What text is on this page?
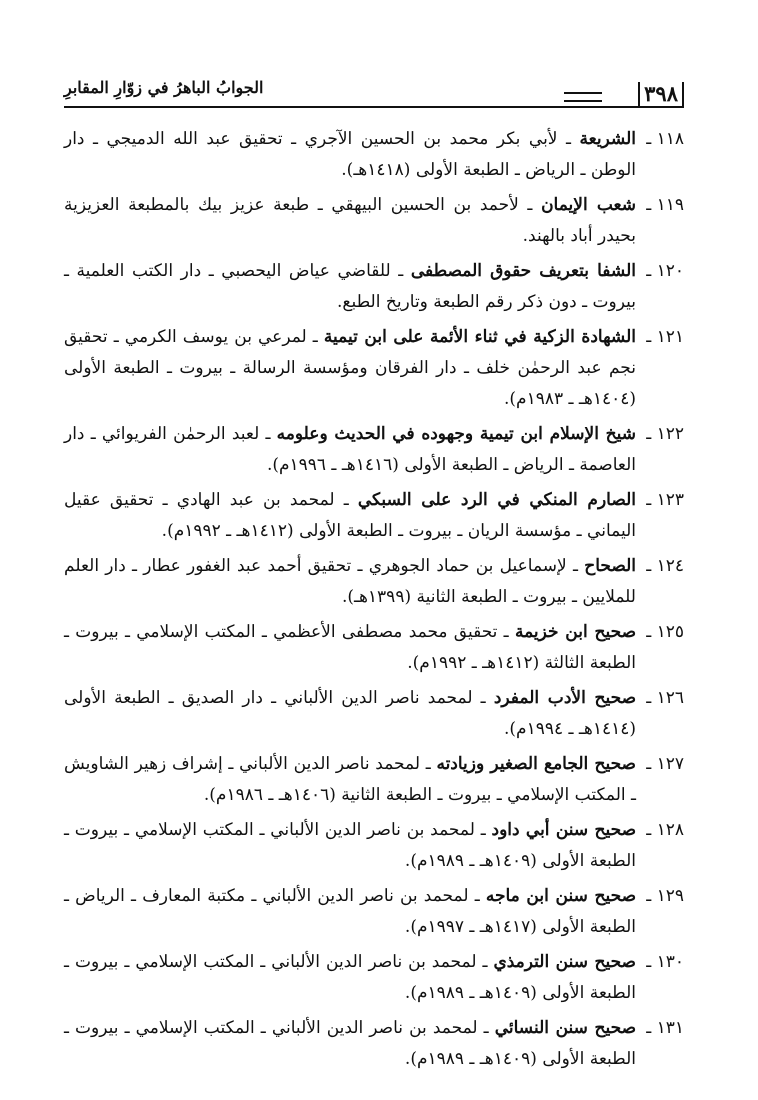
٣٩٨
الجوابُ الباهرُ في زوّارِ المقابرِ
١١٨ ـ
الشريعة ـ لأبي بكر محمد بن الحسين الآجري ـ تحقيق عبد الله الدميجي ـ دار الوطن ـ الرياض ـ الطبعة الأولى (١٤١٨هـ).
١١٩ ـ
شعب الإيمان ـ لأحمد بن الحسين البيهقي ـ طبعة عزيز بيك بالمطبعة العزيزية بحيدر أباد بالهند.
١٢٠ ـ
الشفا بتعريف حقوق المصطفى ـ للقاضي عياض اليحصبي ـ دار الكتب العلمية ـ بيروت ـ دون ذكر رقم الطبعة وتاريخ الطبع.
١٢١ ـ
الشهادة الزكية في ثناء الأئمة على ابن تيمية ـ لمرعي بن يوسف الكرمي ـ تحقيق نجم عبد الرحمٰن خلف ـ دار الفرقان ومؤسسة الرسالة ـ بيروت ـ الطبعة الأولى (١٤٠٤هـ ـ ١٩٨٣م).
١٢٢ ـ
شيخ الإسلام ابن تيمية وجهوده في الحديث وعلومه ـ لعبد الرحمٰن الفريوائي ـ دار العاصمة ـ الرياض ـ الطبعة الأولى (١٤١٦هـ ـ ١٩٩٦م).
١٢٣ ـ
الصارم المنكي في الرد على السبكي ـ لمحمد بن عبد الهادي ـ تحقيق عقيل اليماني ـ مؤسسة الريان ـ بيروت ـ الطبعة الأولى (١٤١٢هـ ـ ١٩٩٢م).
١٢٤ ـ
الصحاح ـ لإسماعيل بن حماد الجوهري ـ تحقيق أحمد عبد الغفور عطار ـ دار العلم للملايين ـ بيروت ـ الطبعة الثانية (١٣٩٩هـ).
١٢٥ ـ
صحيح ابن خزيمة ـ تحقيق محمد مصطفى الأعظمي ـ المكتب الإسلامي ـ بيروت ـ الطبعة الثالثة (١٤١٢هـ ـ ١٩٩٢م).
١٢٦ ـ
صحيح الأدب المفرد ـ لمحمد ناصر الدين الألباني ـ دار الصديق ـ الطبعة الأولى (١٤١٤هـ ـ ١٩٩٤م).
١٢٧ ـ
صحيح الجامع الصغير وزيادته ـ لمحمد ناصر الدين الألباني ـ إشراف زهير الشاويش ـ المكتب الإسلامي ـ بيروت ـ الطبعة الثانية (١٤٠٦هـ ـ ١٩٨٦م).
١٢٨ ـ
صحيح سنن أبي داود ـ لمحمد بن ناصر الدين الألباني ـ المكتب الإسلامي ـ بيروت ـ الطبعة الأولى (١٤٠٩هـ ـ ١٩٨٩م).
١٢٩ ـ
صحيح سنن ابن ماجه ـ لمحمد بن ناصر الدين الألباني ـ مكتبة المعارف ـ الرياض ـ الطبعة الأولى (١٤١٧هـ ـ ١٩٩٧م).
١٣٠ ـ
صحيح سنن الترمذي ـ لمحمد بن ناصر الدين الألباني ـ المكتب الإسلامي ـ بيروت ـ الطبعة الأولى (١٤٠٩هـ ـ ١٩٨٩م).
١٣١ ـ
صحيح سنن النسائي ـ لمحمد بن ناصر الدين الألباني ـ المكتب الإسلامي ـ بيروت ـ الطبعة الأولى (١٤٠٩هـ ـ ١٩٨٩م).
